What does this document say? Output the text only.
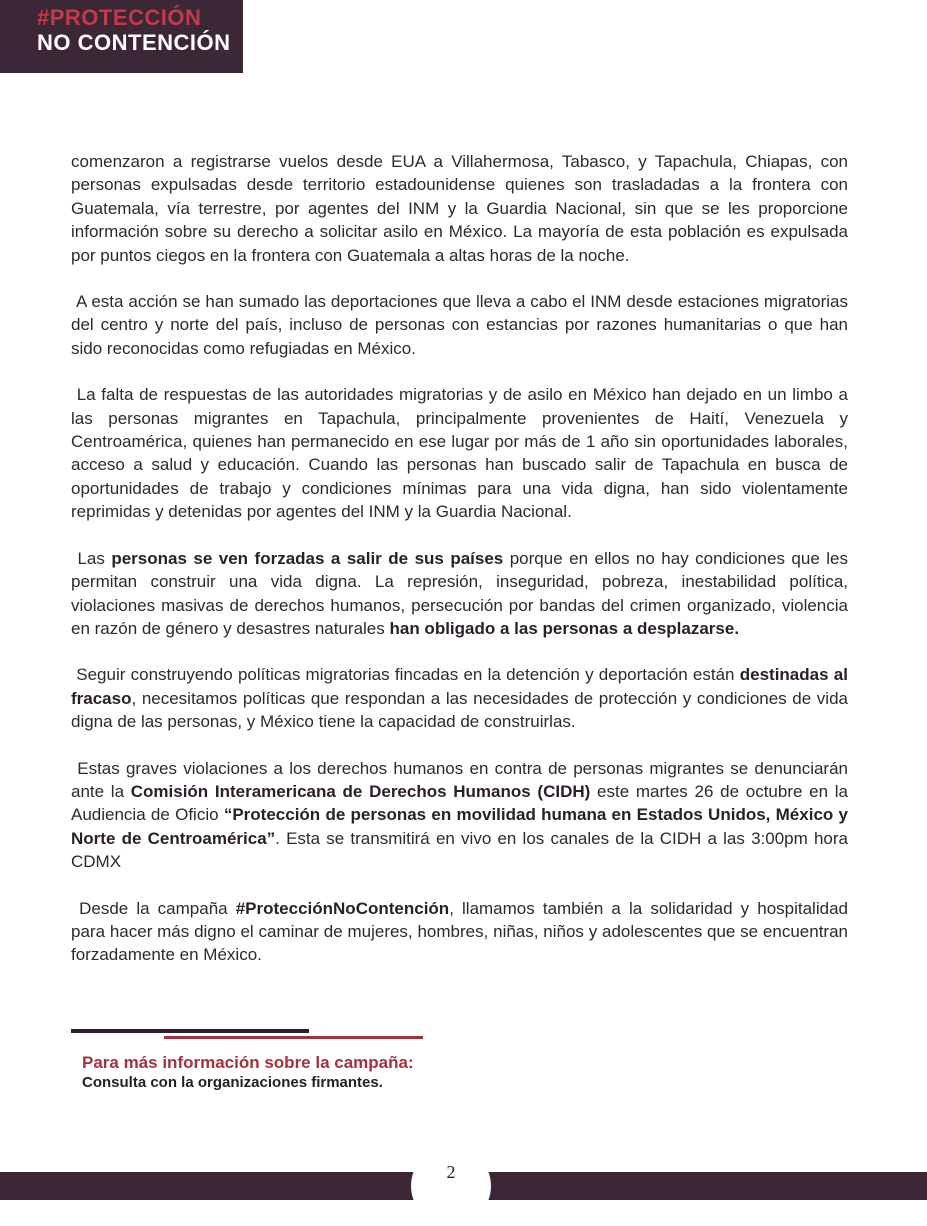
#PROTECCIÓN
NO CONTENCIÓN

comenzaron a registrarse vuelos desde EUA a Villahermosa, Tabasco, y Tapachula, Chiapas, con personas expulsadas desde territorio estadounidense quienes son trasladadas a la frontera con Guatemala, vía terrestre, por agentes del INM y la Guardia Nacional, sin que se les proporcione información sobre su derecho a solicitar asilo en México. La mayoría de esta población es expulsada por puntos ciegos en la frontera con Guatemala a altas horas de la noche.

A esta acción se han sumado las deportaciones que lleva a cabo el INM desde estaciones migratorias del centro y norte del país, incluso de personas con estancias por razones humanitarias o que han sido reconocidas como refugiadas en México.

La falta de respuestas de las autoridades migratorias y de asilo en México han dejado en un limbo a las personas migrantes en Tapachula, principalmente provenientes de Haití, Venezuela y Centroamérica, quienes han permanecido en ese lugar por más de 1 año sin oportunidades laborales, acceso a salud y educación. Cuando las personas han buscado salir de Tapachula en busca de oportunidades de trabajo y condiciones mínimas para una vida digna, han sido violentamente reprimidas y detenidas por agentes del INM y la Guardia Nacional.

Las personas se ven forzadas a salir de sus países porque en ellos no hay condiciones que les permitan construir una vida digna. La represión, inseguridad, pobreza, inestabilidad política, violaciones masivas de derechos humanos, persecución por bandas del crimen organizado, violencia en razón de género y desastres naturales han obligado a las personas a desplazarse.

Seguir construyendo políticas migratorias fincadas en la detención y deportación están destinadas al fracaso, necesitamos políticas que respondan a las necesidades de protección y condiciones de vida digna de las personas, y México tiene la capacidad de construirlas.

Estas graves violaciones a los derechos humanos en contra de personas migrantes se denunciarán ante la Comisión Interamericana de Derechos Humanos (CIDH) este martes 26 de octubre en la Audiencia de Oficio “Protección de personas en movilidad humana en Estados Unidos, México y Norte de Centroamérica”. Esta se transmitirá en vivo en los canales de la CIDH a las 3:00pm hora CDMX

Desde la campaña #ProtecciónNoContención, llamamos también a la solidaridad y hospitalidad para hacer más digno el caminar de mujeres, hombres, niñas, niños y adolescentes que se encuentran forzadamente en México.

Para más información sobre la campaña:
Consulta con la organizaciones firmantes.
2
